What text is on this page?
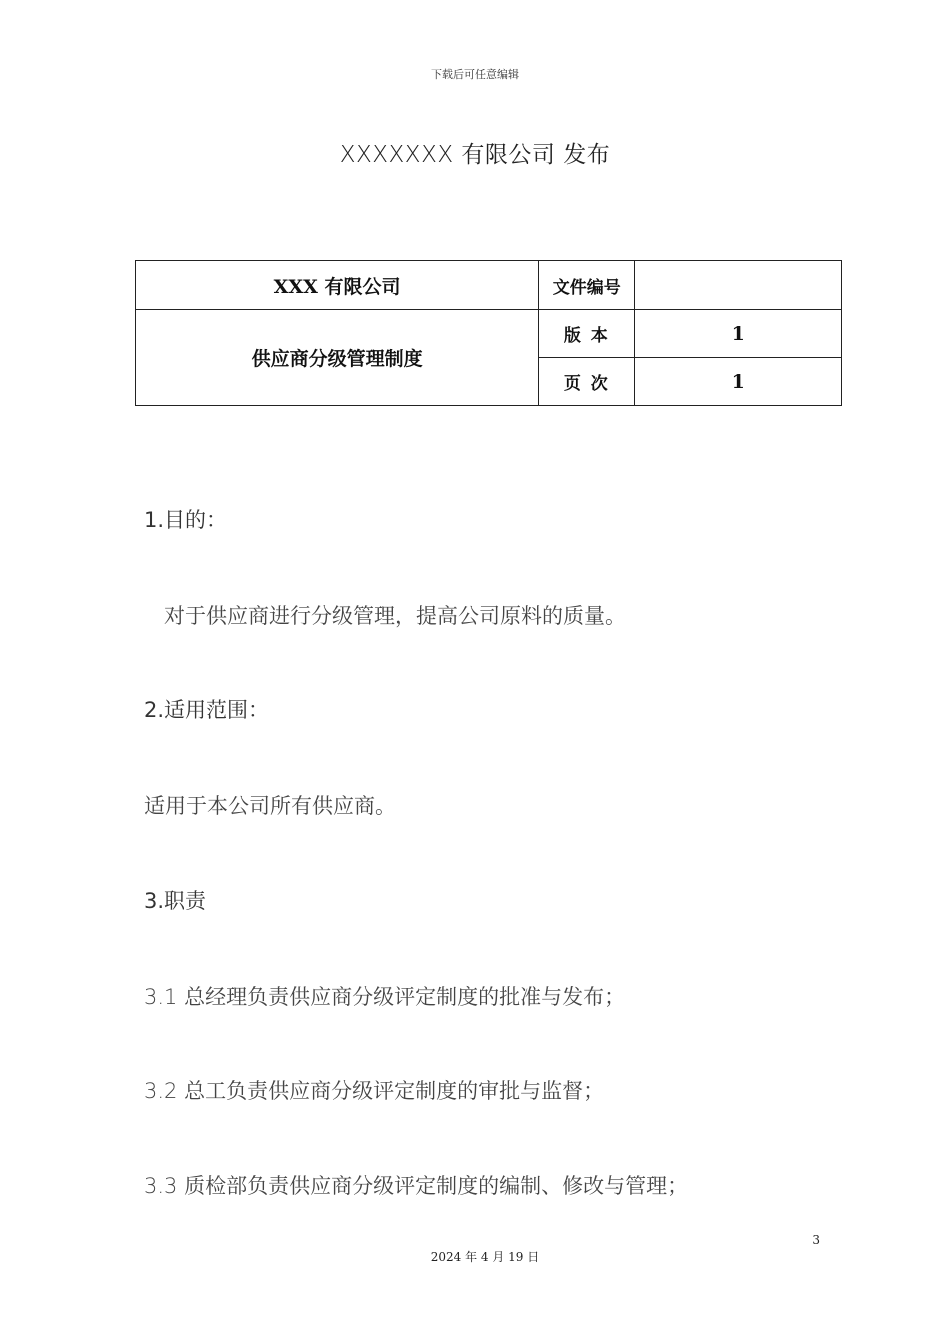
下载后可任意编辑
XXXXXXX 有限公司 发布
XXX 有限公司	文件编号	
供应商分级管理制度	版 本	1
	页 次	1
1.目的：
对于供应商进行分级管理，提高公司原料的质量。
2.适用范围：
适用于本公司所有供应商。
3.职责
3.1 总经理负责供应商分级评定制度的批准与发布；
3.2 总工负责供应商分级评定制度的审批与监督；
3.3 质检部负责供应商分级评定制度的编制、修改与管理；
3
2024 年 4 月 19 日
